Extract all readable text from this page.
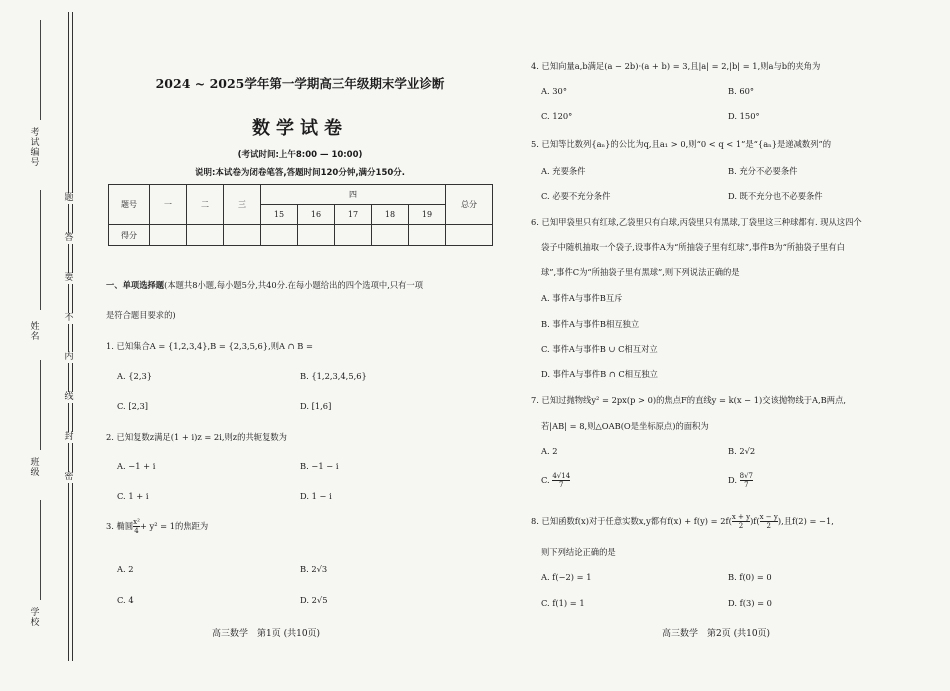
考试编号
姓 名
班 级
学 校
题
答
要
不
内
线
封
密
2024 ~ 2025学年第一学期高三年级期末学业诊断
数学试卷
(考试时间:上午8:00 — 10:00)
说明:本试卷为闭卷笔答,答题时间120分钟,满分150分.
题号	一	二	三	四					总分
				15	16	17	18	19	
得分									
一、单项选择题(本题共8小题,每小题5分,共40分.在每小题给出的四个选项中,只有一项
是符合题目要求的)
1. 已知集合A = {1,2,3,4},B = {2,3,5,6},则A ∩ B =
A. {2,3}	B. {1,2,3,4,5,6}
C. [2,3]	D. [1,6]
2. 已知复数z满足(1 + i)z = 2i,则z的共轭复数为
A. −1 + i	B. −1 − i
C. 1 + i	D. 1 − i
3. 椭圆 $\frac{\text{x²}}{4} + y^2 = 1$的焦距为
A. 2	B. 2√3
C. 4	D. 2√5
高三数学　第1页 (共10页)
4. 已知向量a,b满足(a − 2b)·(a + b) = 3,且|a| = 2,|b| = 1,则a与b的夹角为
A. 30°	B. 60°
C. 120°	D. 150°
5. 已知等比数列{aₙ}的公比为q,且a₁ > 0,则“0 < q < 1”是“{aₙ}是递减数列”的
A. 充要条件	B. 充分不必要条件
C. 必要不充分条件	D. 既不充分也不必要条件
6. 已知甲袋里只有红球,乙袋里只有白球,丙袋里只有黑球,丁袋里这三种球都有. 现从这四个
袋子中随机抽取一个袋子,设事件A为“所抽袋子里有红球”,事件B为“所抽袋子里有白
球”,事件C为“所抽袋子里有黑球”,则下列说法正确的是
A. 事件A与事件B互斥
B. 事件A与事件B相互独立
C. 事件A与事件B ∪ C相互对立
D. 事件A与事件B ∩ C相互独立
7. 已知过抛物线y² = 2px(p > 0)的焦点F的直线y = k(x − 1)交该抛物线于A,B两点,
若|AB| = 8,则△OAB(O是坐标原点)的面积为
A. 2	B. 2√2
C. $\frac{4√14}{7}$	D. $\frac{8√7}{7}$
8. 已知函数f(x)对于任意实数x,y都有$f(x) + f(y) = 2f( \frac{x + y}{2} )f( \frac{x - y}{2}$ ),且f(2) = −1,
则下列结论正确的是
A. f(−2) = 1	B. f(0) = 0
C. f(1) = 1	D. f(3) = 0
高三数学　第2页 (共10页)
